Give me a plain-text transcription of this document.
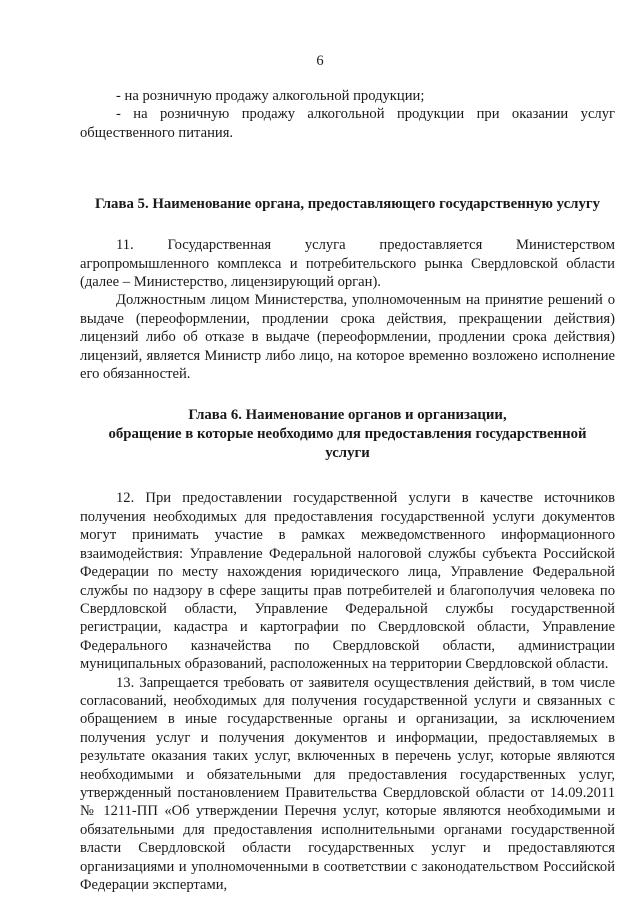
6

- на розничную продажу алкогольной продукции;

- на розничную продажу алкогольной продукции при оказании услуг общественного питания.

Глава 5. Наименование органа, предоставляющего государственную услугу

11. Государственная услуга предоставляется Министерством агропромышленного комплекса и потребительского рынка Свердловской области (далее – Министерство, лицензирующий орган).

Должностным лицом Министерства, уполномоченным на принятие решений о выдаче (переоформлении, продлении срока действия, прекращении действия) лицензий либо об отказе в выдаче (переоформлении, продлении срока действия) лицензий, является Министр либо лицо, на которое временно возложено исполнение его обязанностей.

Глава 6. Наименование органов и организации,
обращение в которые необходимо для предоставления государственной
услуги

12. При предоставлении государственной услуги в качестве источников получения необходимых для предоставления государственной услуги документов могут принимать участие в рамках межведомственного информационного взаимодействия: Управление Федеральной налоговой службы субъекта Российской Федерации по месту нахождения юридического лица, Управление Федеральной службы по надзору в сфере защиты прав потребителей и благополучия человека по Свердловской области, Управление Федеральной службы государственной регистрации, кадастра и картографии по Свердловской области, Управление Федерального казначейства по Свердловской области, администрации муниципальных образований, расположенных на территории Свердловской области.

13. Запрещается требовать от заявителя осуществления действий, в том числе согласований, необходимых для получения государственной услуги и связанных с обращением в иные государственные органы и организации, за исключением получения услуг и получения документов и информации, предоставляемых в результате оказания таких услуг, включенных в перечень услуг, которые являются необходимыми и обязательными для предоставления государственных услуг, утвержденный постановлением Правительства Свердловской области от 14.09.2011 № 1211-ПП «Об утверждении Перечня услуг, которые являются необходимыми и обязательными для предоставления исполнительными органами государственной власти Свердловской области государственных услуг и предоставляются организациями и уполномоченными в соответствии с законодательством Российской Федерации экспертами,
